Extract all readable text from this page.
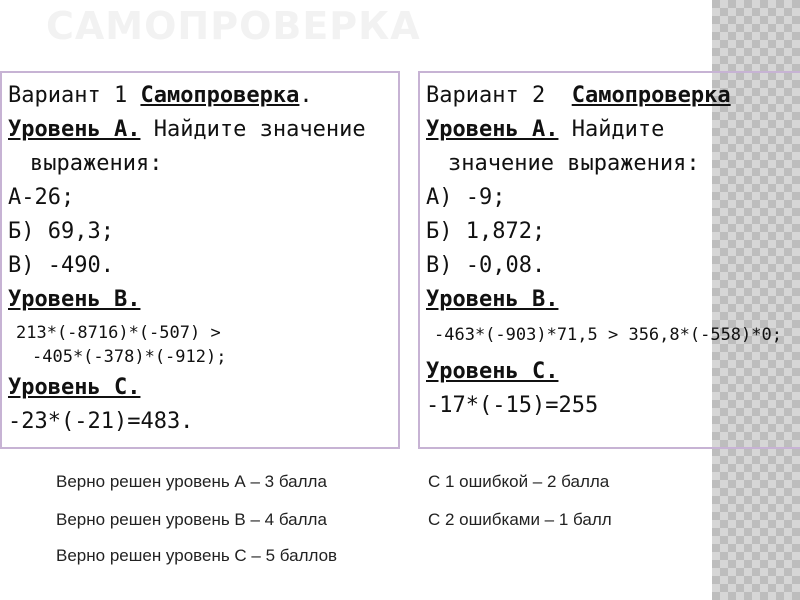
САМОПРОВЕРКА
Вариант 1 Самопроверка.
Уровень А. Найдите значение
выражения:
А-26;
Б) 69,3;
В) -490.
Уровень В.
213*(-8716)*(-507) >
-405*(-378)*(-912);
Уровень С.
-23*(-21)=483.
Вариант 2  Самопроверка
Уровень А. Найдите
значение выражения:
А) -9;
Б) 1,872;
В) -0,08.
Уровень В.
-463*(-903)*71,5 > 356,8*(-558)*0;
Уровень С.
-17*(-15)=255
Верно решен уровень А – 3 балла
Верно решен уровень В – 4 балла
Верно решен уровень С – 5 баллов
С 1 ошибкой – 2 балла
С 2 ошибками – 1 балл
